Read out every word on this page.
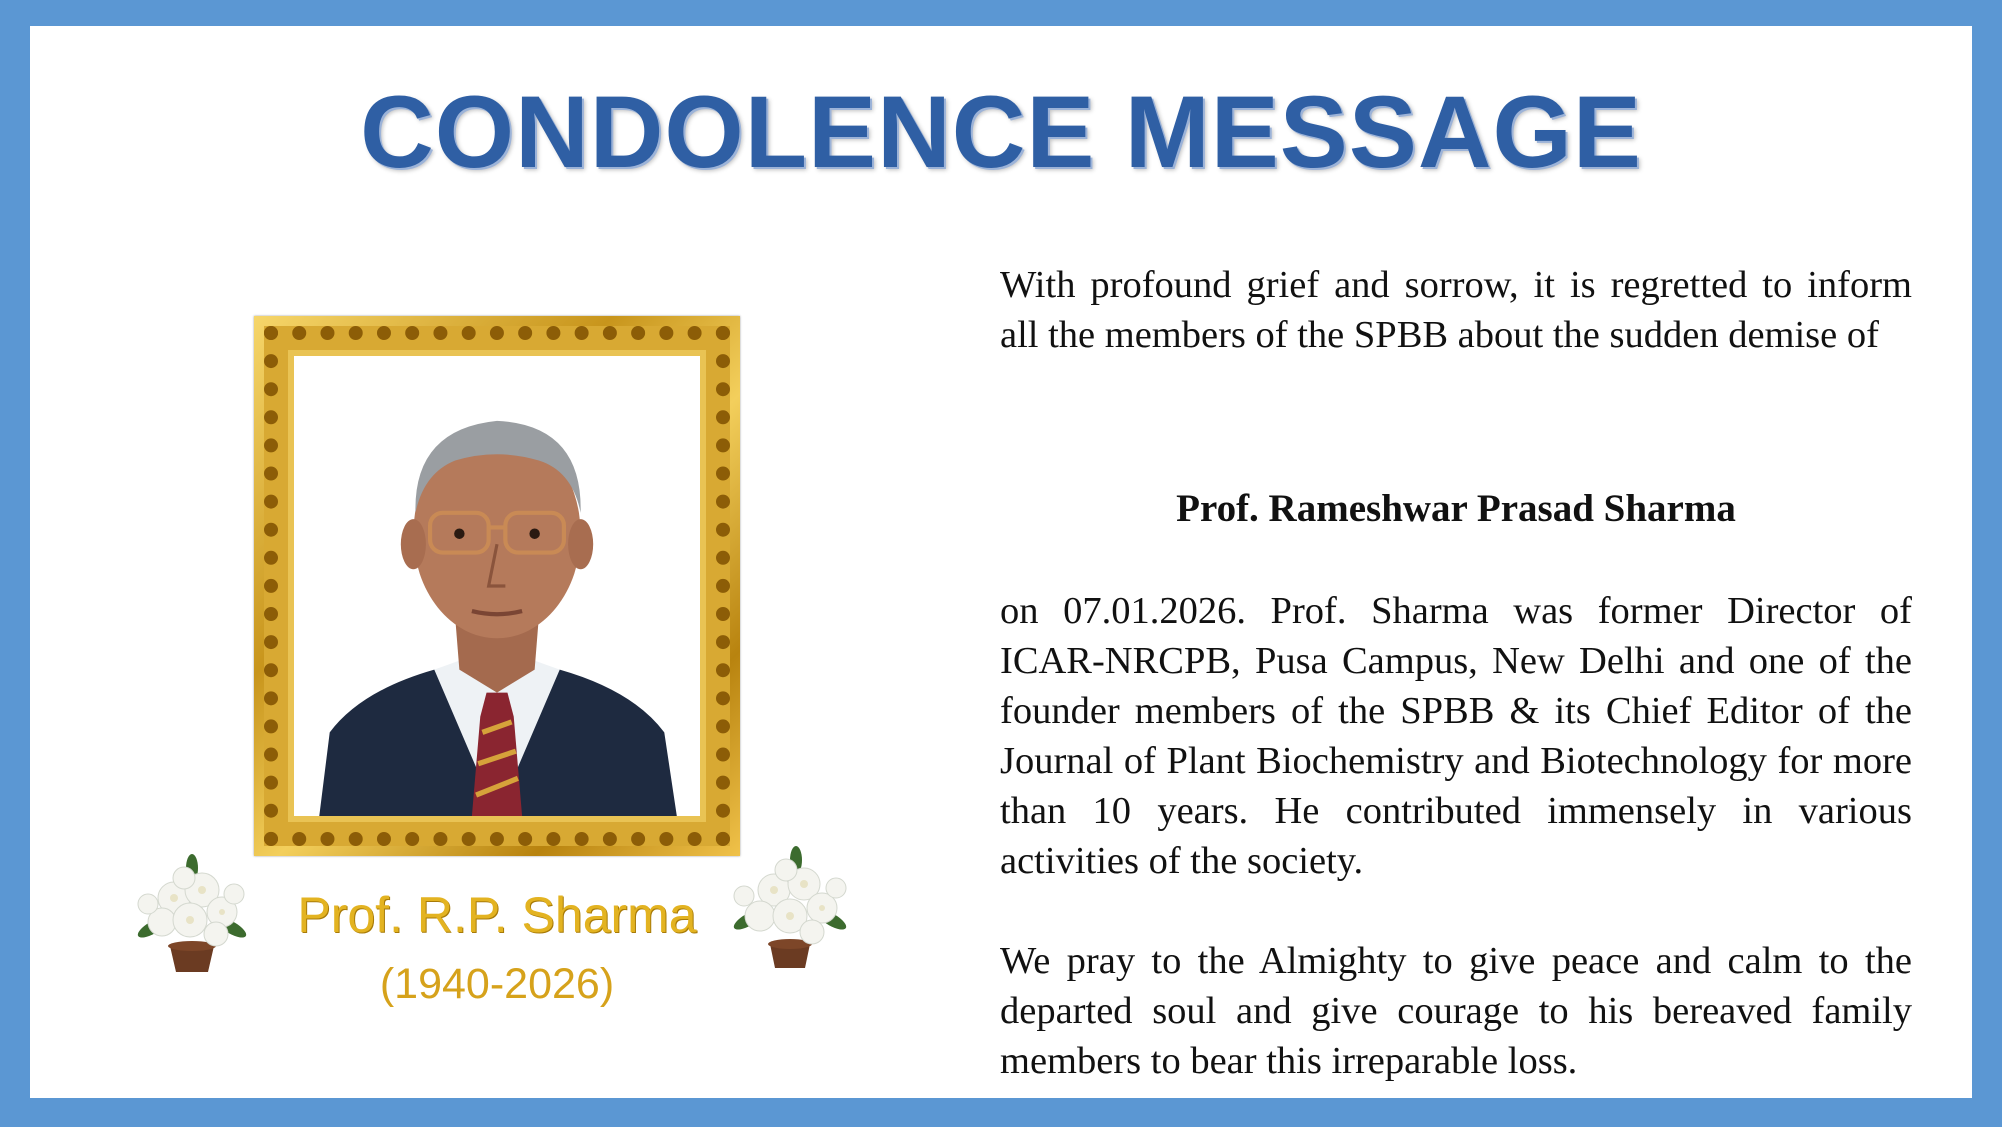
CONDOLENCE MESSAGE
Prof. R.P. Sharma
(1940-2026)
With profound grief and sorrow, it is regretted to inform all the members of the SPBB about the sudden demise of
Prof. Rameshwar Prasad Sharma
on 07.01.2026. Prof. Sharma was former Director of ICAR-NRCPB, Pusa Campus, New Delhi and one of the founder members of the SPBB & its Chief Editor of the Journal of Plant Biochemistry and Biotechnology for more than 10 years. He contributed immensely in various activities of the society.
We pray to the Almighty to give peace and calm to the departed soul and give courage to his bereaved family members to bear this irreparable loss.
